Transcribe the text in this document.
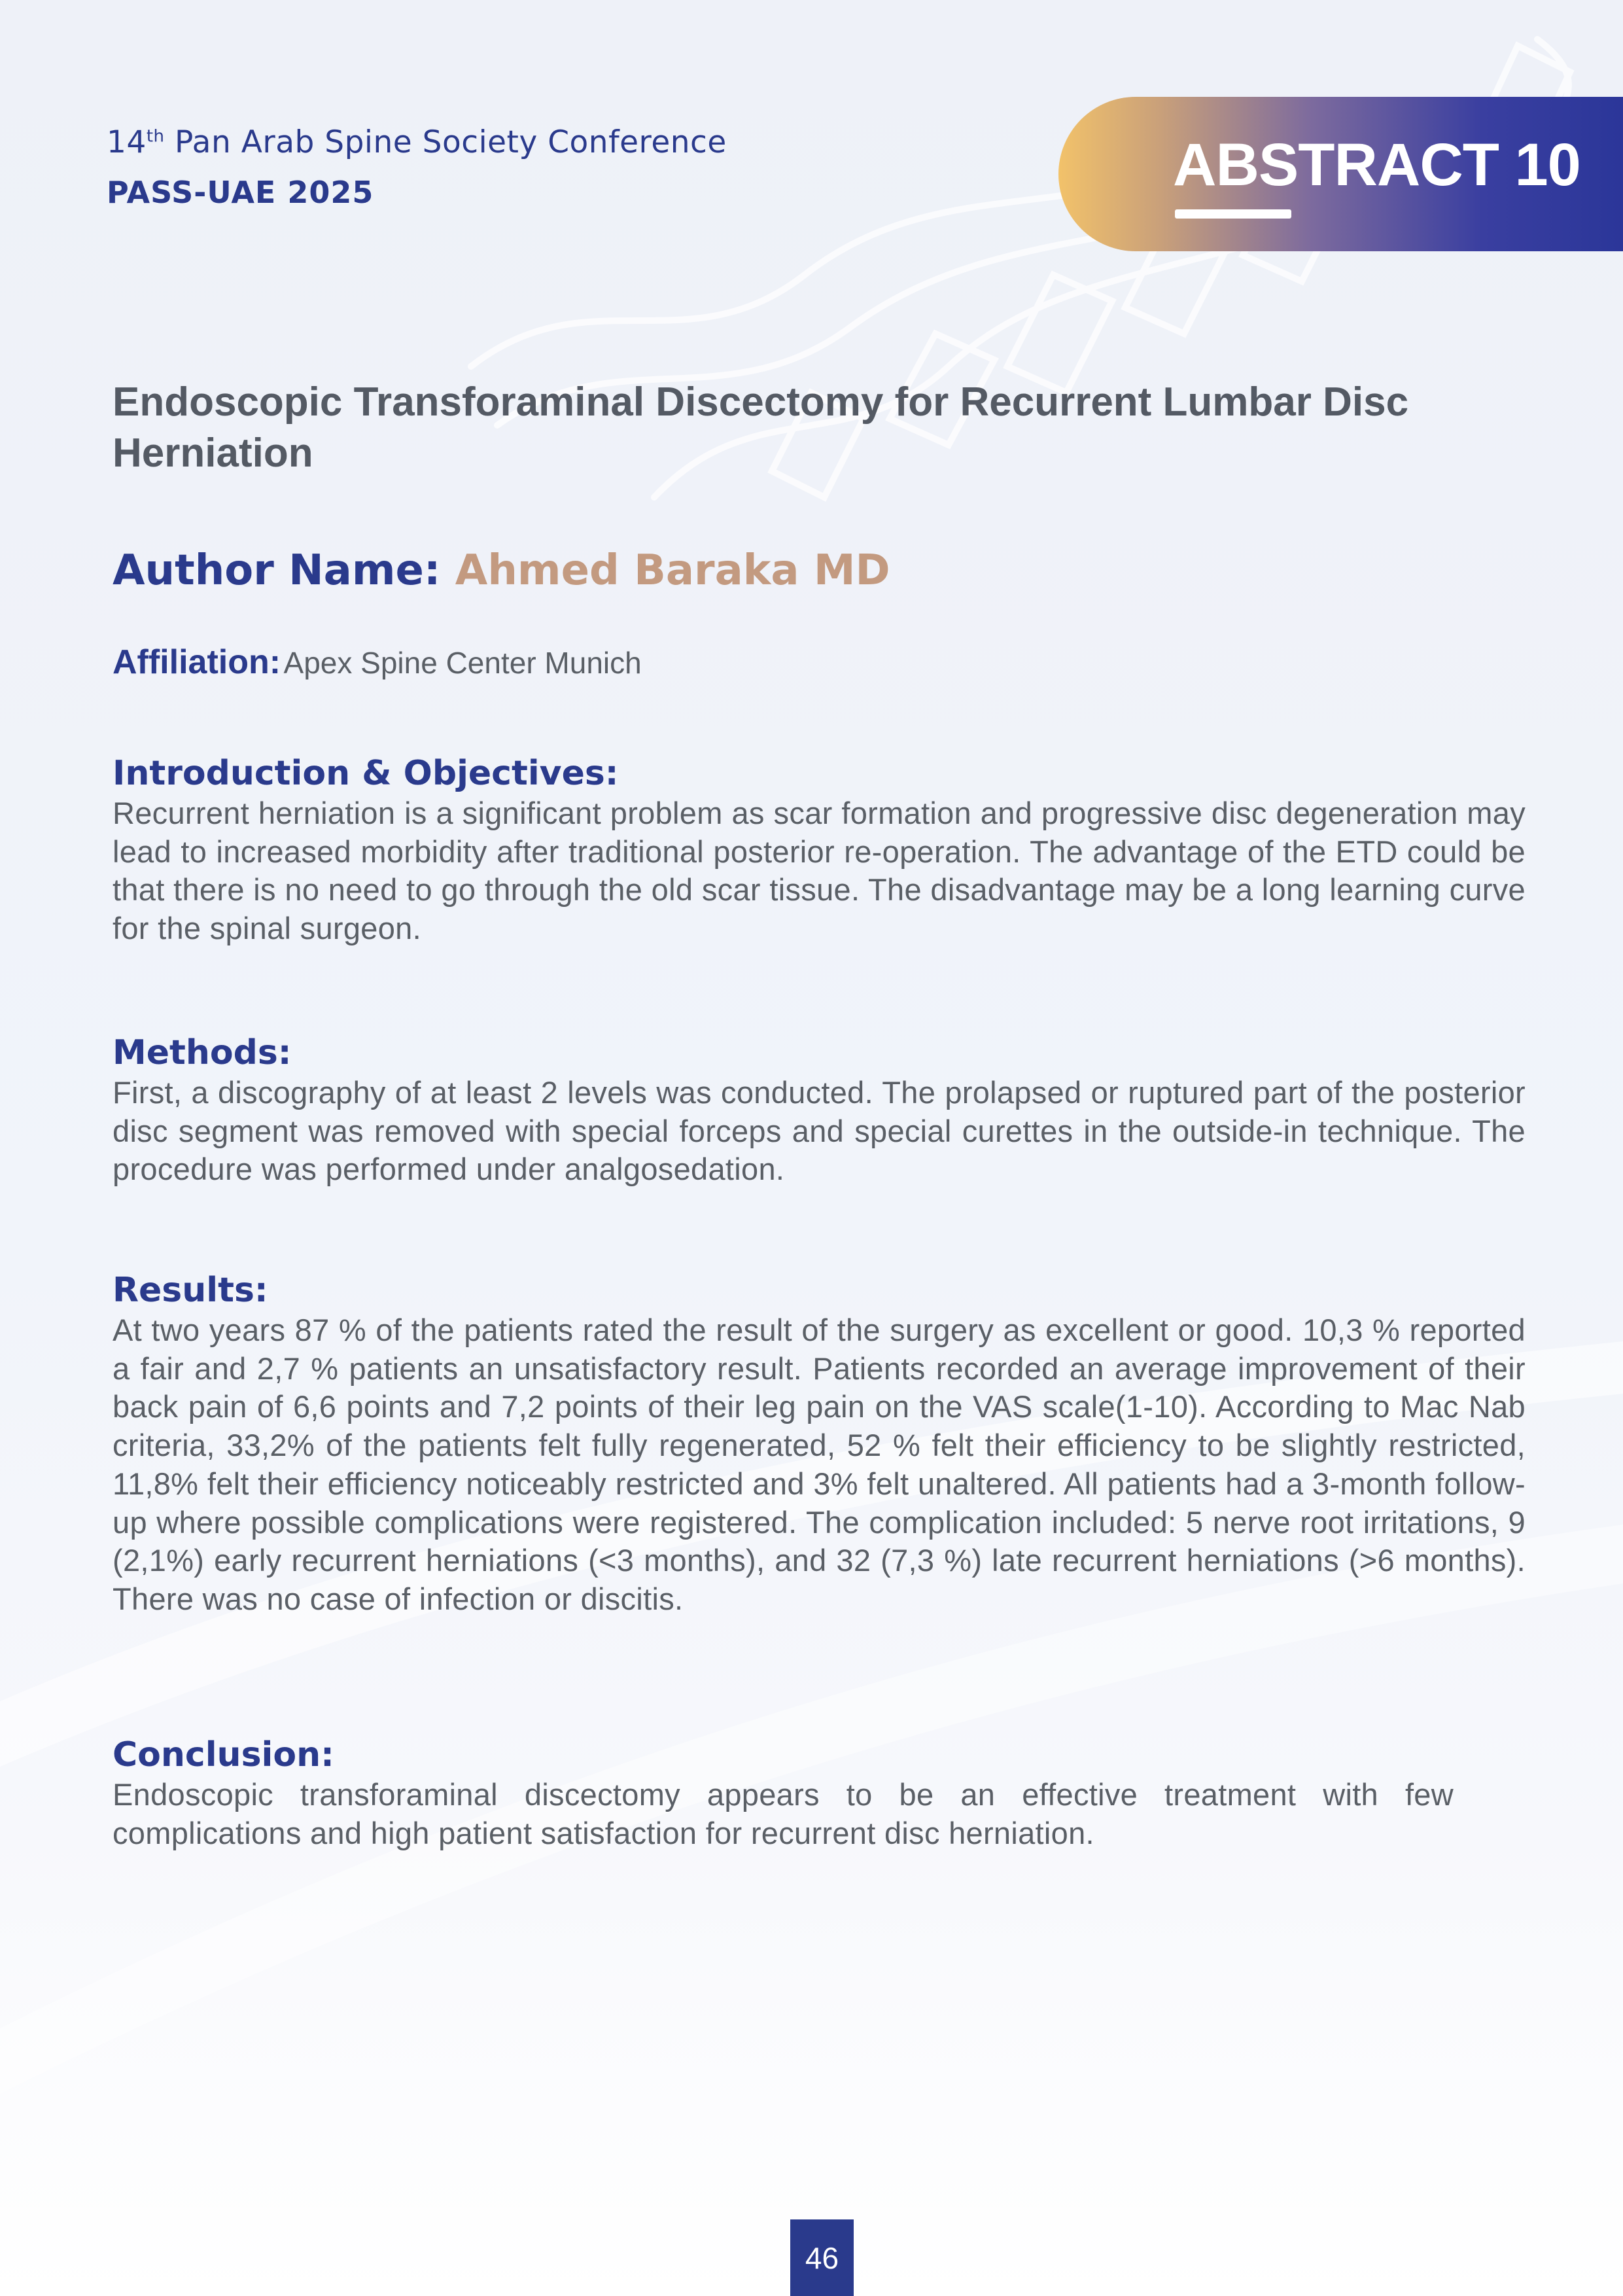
14th Pan Arab Spine Society Conference
PASS-UAE 2025	ABSTRACT 10
Endoscopic Transforaminal Discectomy for Recurrent Lumbar Disc Herniation
Author Name: Ahmed Baraka MD
Affiliation: Apex Spine Center Munich
Introduction & Objectives:

Recurrent herniation is a significant problem as scar formation and progressive disc degeneration may lead to increased morbidity after traditional posterior re-operation. The advantage of the ETD could be that there is no need to go through the old scar tissue. The disadvantage may be a long learning curve for the spinal surgeon.

Methods:

First, a discography of at least 2 levels was conducted. The prolapsed or ruptured part of the posterior disc segment was removed with special forceps and special curettes in the outside-in technique. The procedure was performed under analgosedation.

Results:

At two years 87 % of the patients rated the result of the surgery as excellent or good. 10,3 % reported a fair and 2,7 % patients an unsatisfactory result. Patients recorded an average improvement of their back pain of 6,6 points and 7,2 points of their leg pain on the VAS scale(1-10). According to Mac Nab criteria, 33,2% of the patients felt fully regenerated, 52 % felt their efficiency to be slightly restricted, 11,8% felt their efficiency noticeably restricted and 3% felt unaltered. All patients had a 3-month follow-up where possible complications were registered. The complication included: 5 nerve root irritations, 9 (2,1%) early recurrent herniations (<3 months), and 32 (7,3 %) late recurrent herniations (>6 months). There was no case of infection or discitis.

Conclusion:

Endoscopic transforaminal discectomy appears to be an effective treatment with few complications and high patient satisfaction for recurrent disc herniation.

46
